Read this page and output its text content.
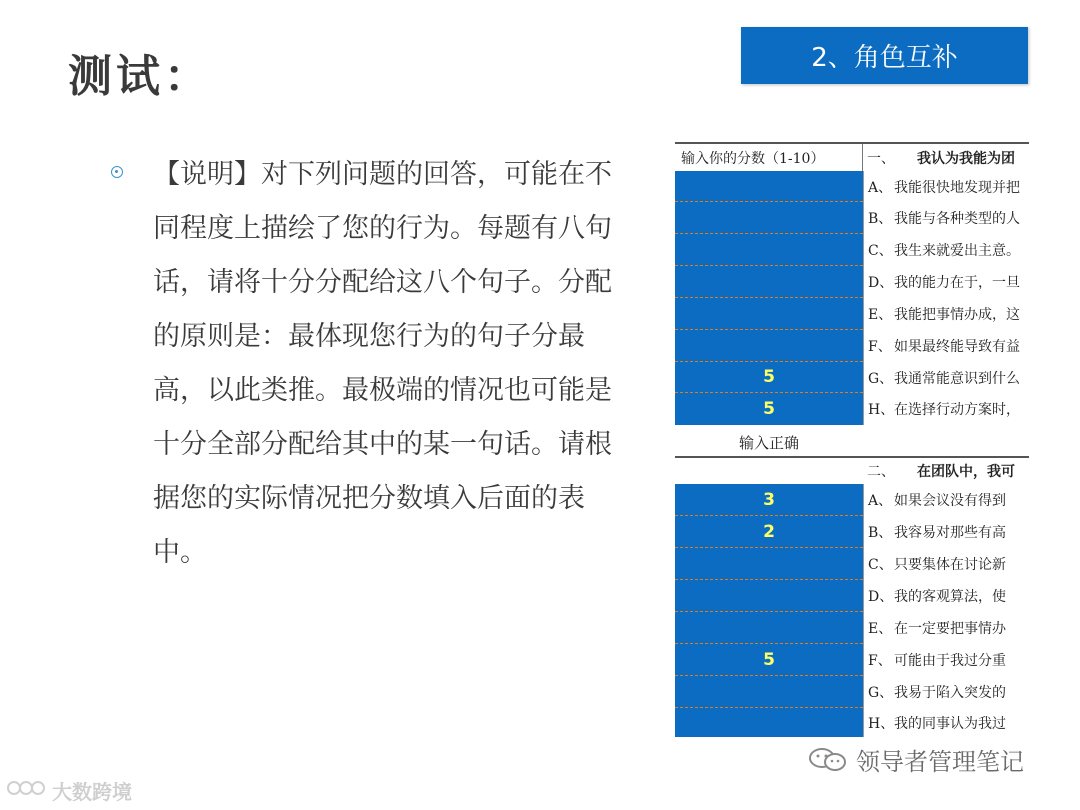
测试：	2、角色互补
【说明】对下列问题的回答，可能在不同程度上描绘了您的行为。每题有八句话，请将十分分配给这八个句子。分配的原则是：最体现您行为的句子分最高，以此类推。最极端的情况也可能是十分全部分配给其中的某一句话。请根据您的实际情况把分数填入后面的表中。
输入你的分数（1-10）	一、	我认为我能为团
A、 我能很快地发现并把
B、 我能与各种类型的人
C、 我生来就爱出主意。
D、 我的能力在于，一旦
E、 我能把事情办成，这
F、 如果最终能导致有益
5	G、 我通常能意识到什么
5	H、 在选择行动方案时，
输入正确
二、	在团队中，我可
3	A、 如果会议没有得到
2	B、 我容易对那些有高
C、 只要集体在讨论新
D、 我的客观算法，使
E、 在一定要把事情办
5	F、 可能由于我过分重
G、 我易于陷入突发的
H、 我的同事认为我过
领导者管理笔记
大数跨境
